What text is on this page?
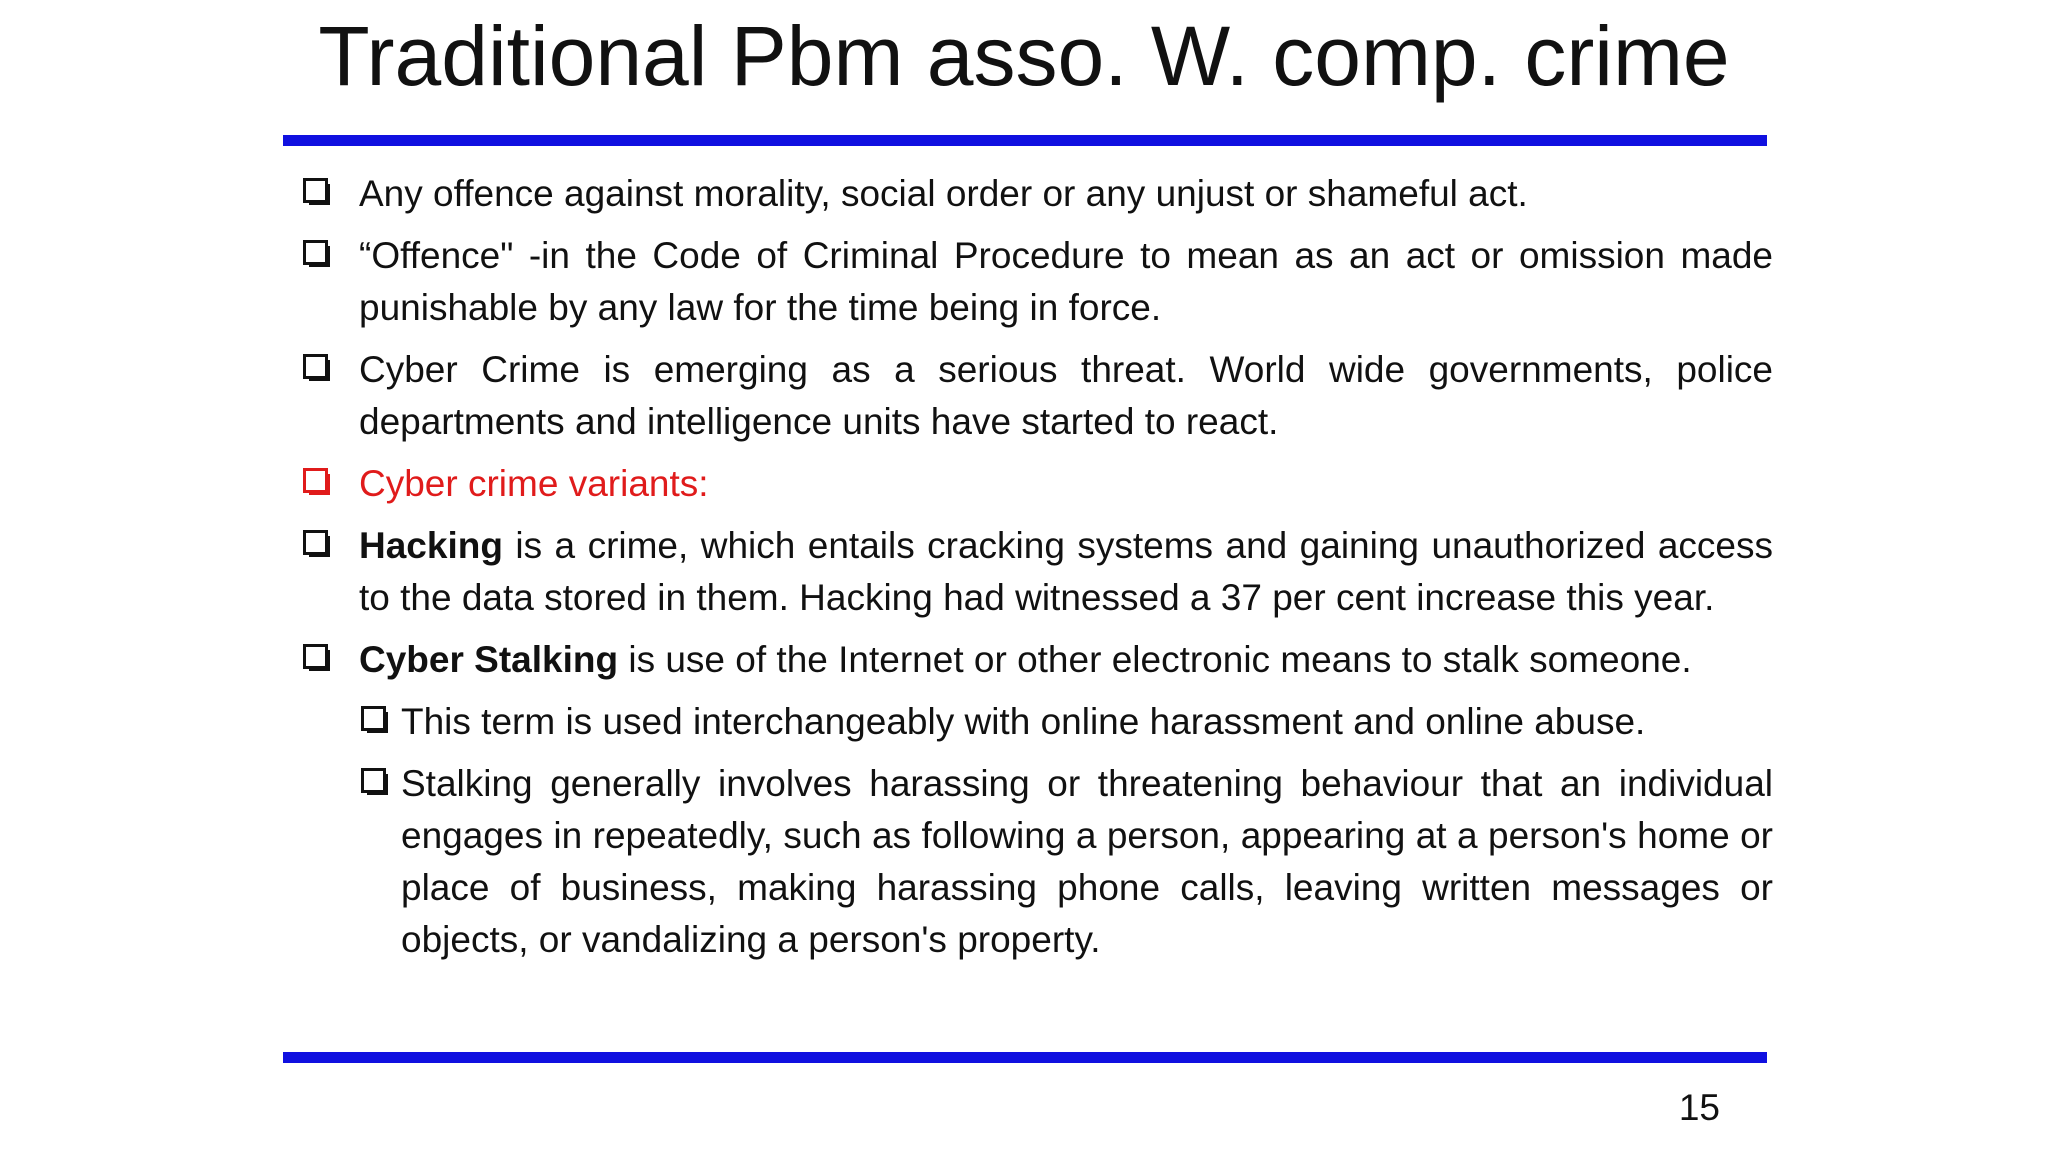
Traditional Pbm asso. W. comp. crime
Any offence against morality, social order or any unjust or shameful act.
“Offence" -in the Code of Criminal Procedure to mean as an act or omission made punishable by any law for the time being in force.
Cyber Crime is emerging as a serious threat. World wide governments, police departments and intelligence units have started to react.
Cyber crime variants:
Hacking is a crime, which entails cracking systems and gaining unauthorized access to the data stored in them. Hacking had witnessed a 37 per cent increase this year.
Cyber Stalking is use of the Internet or other electronic means to stalk someone.
This term is used interchangeably with online harassment and online abuse.
Stalking generally involves harassing or threatening behaviour that an individual engages in repeatedly, such as following a person, appearing at a person's home or place of business, making harassing phone calls, leaving written messages or objects, or vandalizing a person's property.
15
